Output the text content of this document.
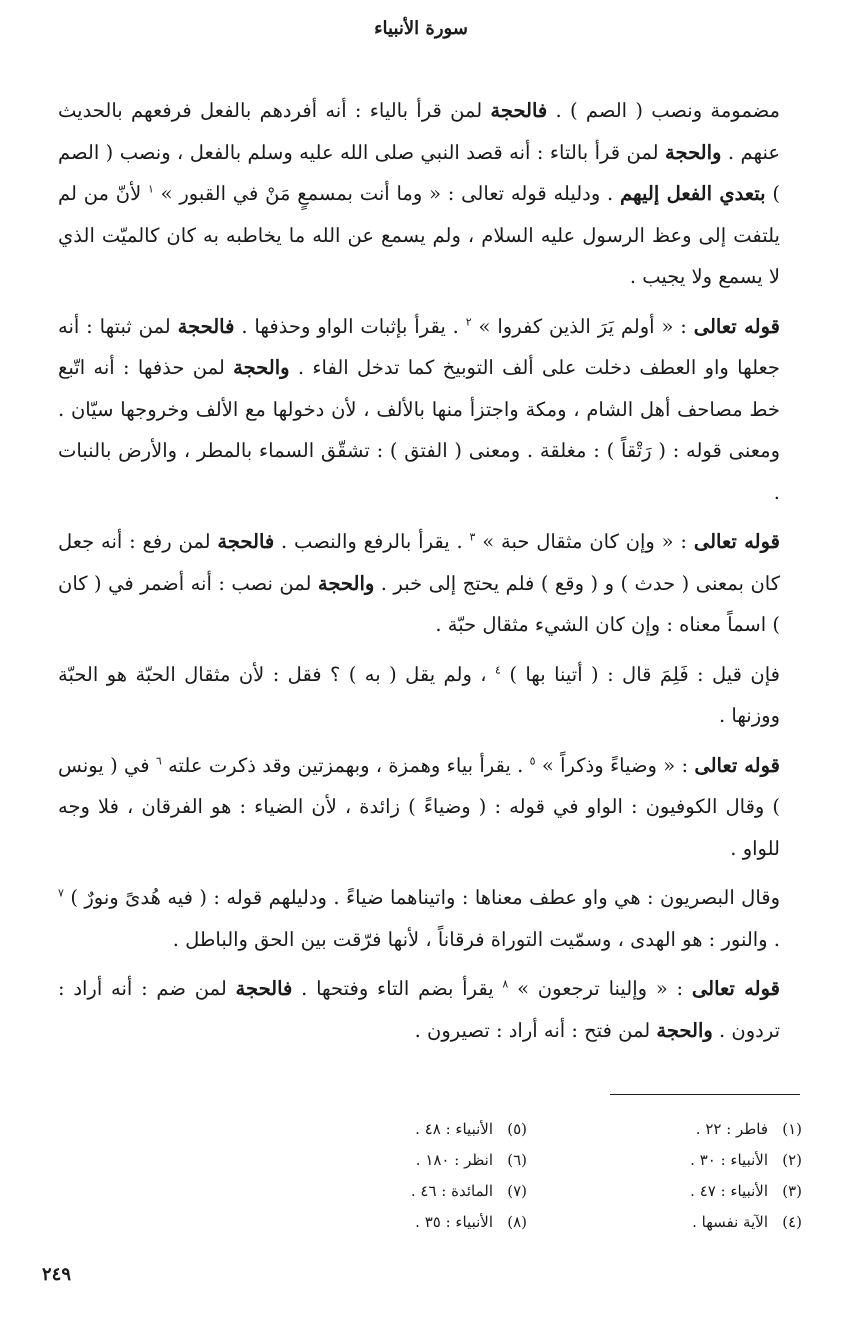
سورة الأنبياء

مضمومة ونصب ( الصم ) . فالحجة لمن قرأ بالياء : أنه أفردهم بالفعل فرفعهم بالحديث عنهم . والحجة لمن قرأ بالتاء : أنه قصد النبي صلى الله عليه وسلم بالفعل ، ونصب ( الصم ) بتعدي الفعل إليهم . ودليله قوله تعالى : « وما أنت بمسمعٍ مَنْ في القبور » $^١$ لأنّ من لم يلتفت إلى وعظ الرسول عليه السلام ، ولم يسمع عن الله ما يخاطبه به كان كالميّت الذي لا يسمع ولا يجيب .

قوله تعالى : « أولم يَرَ الذين كفروا » $^٢$ . يقرأ بإثبات الواو وحذفها . فالحجة لمن ثبتها : أنه جعلها واو العطف دخلت على ألف التوبيخ كما تدخل الفاء . والحجة لمن حذفها : أنه اتّبع خط مصاحف أهل الشام ، ومكة واجتزأ منها بالألف ، لأن دخولها مع الألف وخروجها سيّان . ومعنى قوله : ( رَتْقاً ) : مغلقة . ومعنى ( الفتق ) : تشقّق السماء بالمطر ، والأرض بالنبات .

قوله تعالى : « وإن كان مثقال حبة » $^٣$ . يقرأ بالرفع والنصب . فالحجة لمن رفع : أنه جعل كان بمعنى ( حدث ) و ( وقع ) فلم يحتج إلى خبر . والحجة لمن نصب : أنه أضمر في ( كان ) اسماً معناه : وإن كان الشيء مثقال حبّة .

فإن قيل : فَلِمَ قال : ( أتينا بها ) $^٤$ ، ولم يقل ( به ) ؟ فقل : لأن مثقال الحبّة هو الحبّة ووزنها .

قوله تعالى : « وضياءً وذكراً » $^٥$ . يقرأ بياء وهمزة ، وبهمزتين وقد ذكرت علته $^٦$ في ( يونس ) وقال الكوفيون : الواو في قوله : ( وضياءً ) زائدة ، لأن الضياء : هو الفرقان ، فلا وجه للواو .

وقال البصريون : هي واو عطف معناها : واتيناهما ضياءً . ودليلهم قوله : ( فيه هُدىً ونورٌ ) $^٧$ . والنور : هو الهدى ، وسمّيت التوراة فرقاناً ، لأنها فرّقت بين الحق والباطل .

قوله تعالى : « وإلينا ترجعون » $^٨$ يقرأ بضم التاء وفتحها . فالحجة لمن ضم : أنه أراد : تردون . والحجة لمن فتح : أنه أراد : تصيرون .

(١)فاطر : ٢٢ .
(٢)الأنبياء : ٣٠ .
(٣)الأنبياء : ٤٧ .
(٤)الآية نفسها .
(٥)الأنبياء : ٤٨ .
(٦)انظر : ١٨٠ .
(٧)المائدة : ٤٦ .
(٨)الأنبياء : ٣٥ .
٢٤٩
